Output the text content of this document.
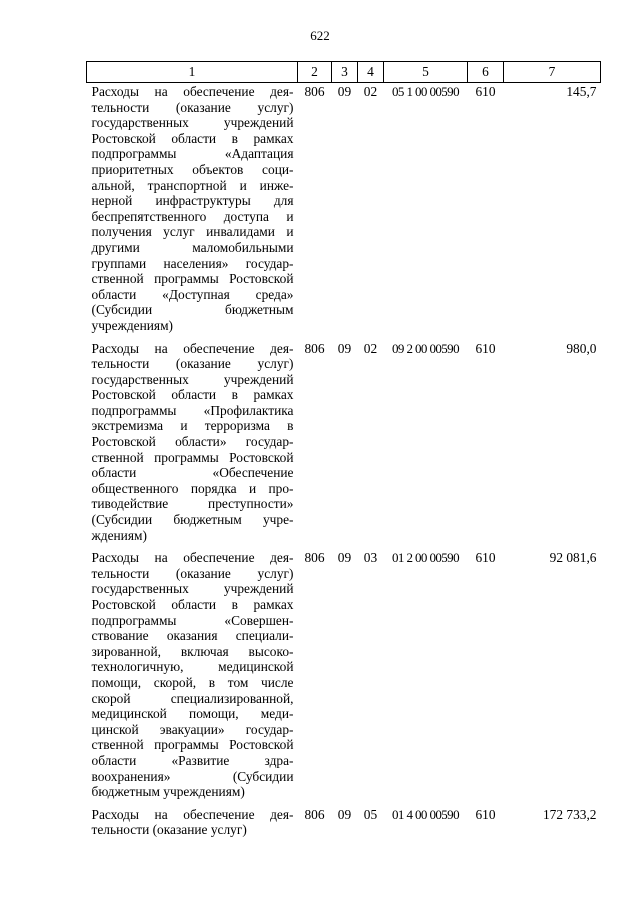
622
1	2	3	4	5	6	7
Расходы на обеспечение деятельности (оказание услуг) государственных учреждений Ростовской области в рамках подпрограммы «Адаптация приоритетных объектов социальной, транспортной и инженерной инфраструктуры для беспрепятственного доступа и получения услуг инвалидами и другими маломобильными группами населения» государственной программы Ростовской области «Доступная среда» (Субсидии бюджетным учреждениям)	806	09	02	05 1 00 00590	610	145,7
Расходы на обеспечение деятельности (оказание услуг) государственных учреждений Ростовской области в рамках подпрограммы «Профилактика экстремизма и терроризма в Ростовской области» государственной программы Ростовской области «Обеспечение общественного порядка и противодействие преступности» (Субсидии бюджетным учреждениям)	806	09	02	09 2 00 00590	610	980,0
Расходы на обеспечение деятельности (оказание услуг) государственных учреждений Ростовской области в рамках подпрограммы «Совершенствование оказания специализированной, включая высокотехнологичную, медицинской помощи, скорой, в том числе скорой специализированной, медицинской помощи, медицинской эвакуации» государственной программы Ростовской области «Развитие здравоохранения» (Субсидии бюджетным учреждениям)	806	09	03	01 2 00 00590	610	92 081,6
Расходы на обеспечение деятельности (оказание услуг)	806	09	05	01 4 00 00590	610	172 733,2
